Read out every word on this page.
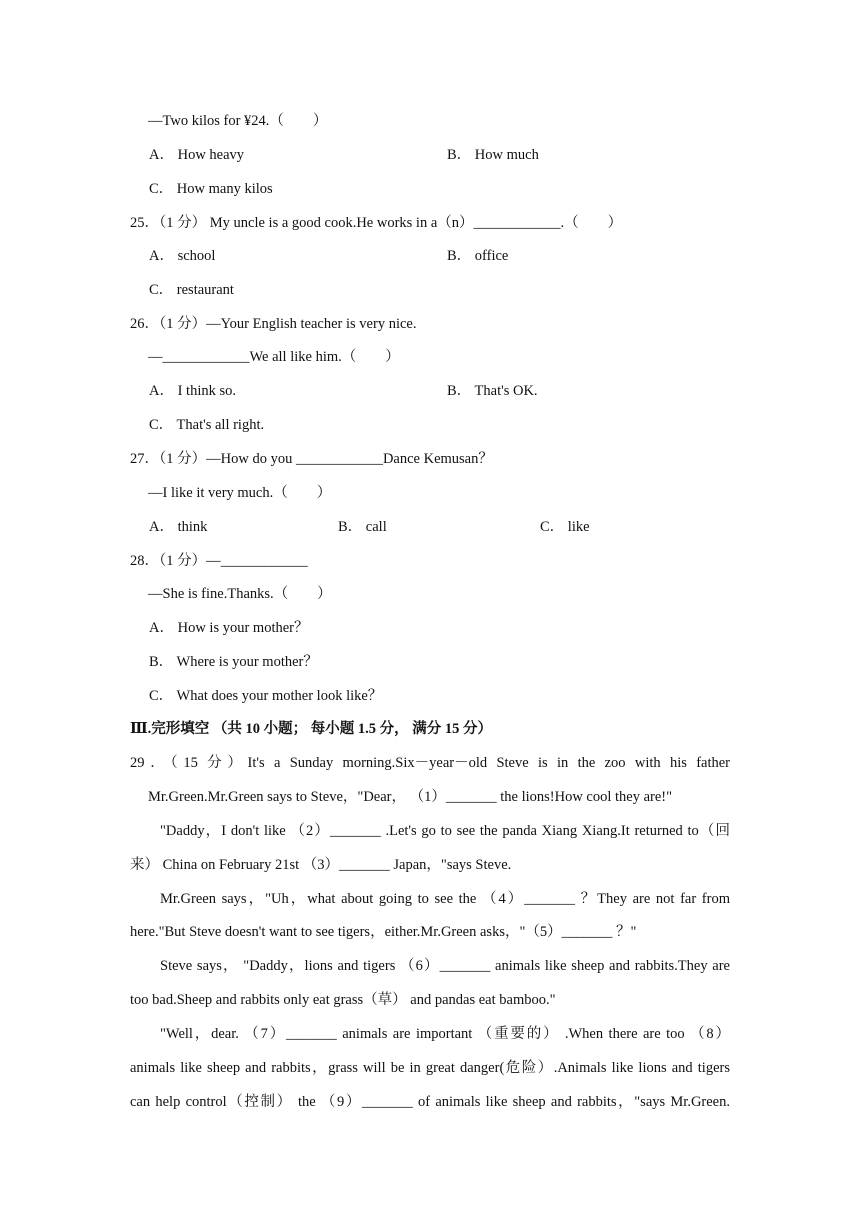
—Two kilos for ¥24.（　　）
A． How heavy	B． How much
C． How many kilos
25．（1 分） My uncle is a good cook.He works in a（n）____________.（　　）
A． school	B． office
C． restaurant
26．（1 分）—Your English teacher is very nice.
—____________We all like him.（　　）
A． I think so.	B． That's OK.
C． That's all right.
27．（1 分）—How do you ____________Dance Kemusan？
—I like it very much.（　　）
A． think	B． call	C． like
28．（1 分）—____________
—She is fine.Thanks.（　　）
A． How is your mother？
B． Where is your mother？
C． What does your mother look like？
Ⅲ.完形填空 （共 10 小题； 每小题 1.5 分， 满分 15 分）
29．（15 分）It's a Sunday morning.Six－year－old Steve is in the zoo with his father
Mr.Green.Mr.Green says to Steve，"Dear， （1）_______ the lions!How cool they are!"
"Daddy，I don't like （2）_______ .Let's go to see the panda Xiang Xiang.It returned to（回
来） China on February 21st （3）_______ Japan，"says Steve.
Mr.Green says，"Uh，what about going to see the （4）_______ ？They are not far from
here."But Steve doesn't want to see tigers，either.Mr.Green asks，"（5）_______ ？"
Steve says， "Daddy，lions and tigers （6）_______ animals like sheep and rabbits.They are
too bad.Sheep and rabbits only eat grass（草） and pandas eat bamboo."
"Well，dear. （7）_______ animals are important （重要的） .When there are too （8）
animals like sheep and rabbits，grass will be in great danger(危险）.Animals like lions and tigers
can help control（控制） the （9）_______ of animals like sheep and rabbits，"says Mr.Green.
